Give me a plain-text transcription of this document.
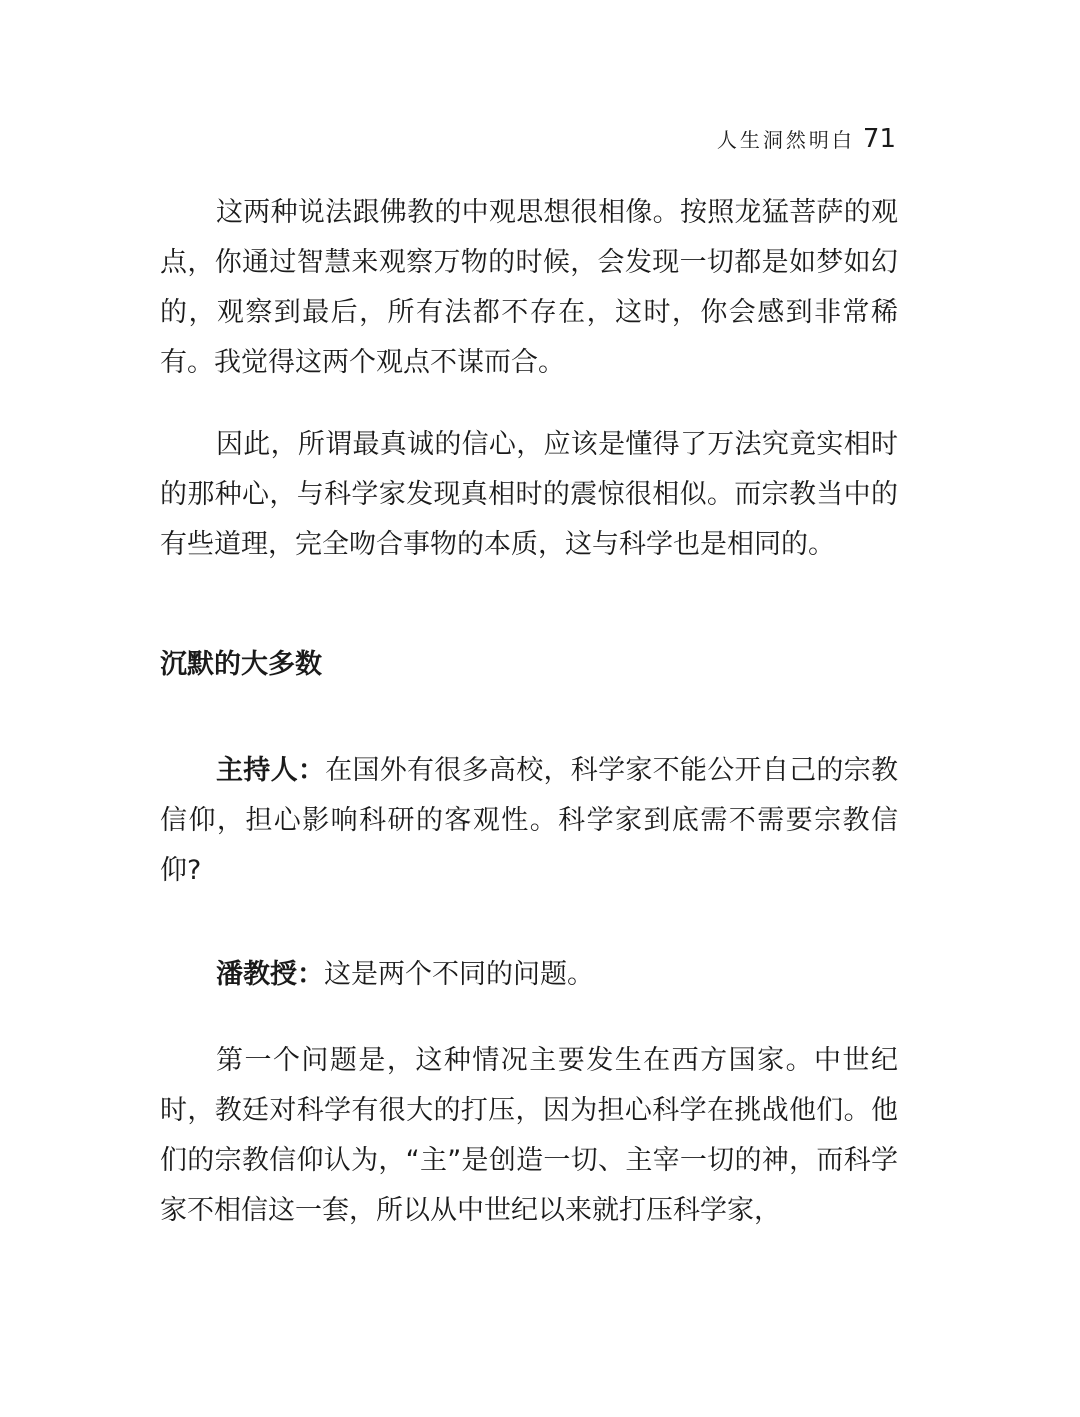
人生洞然明白 71

这两种说法跟佛教的中观思想很相像。按照龙猛菩萨的观点，你通过智慧来观察万物的时候，会发现一切都是如梦如幻的，观察到最后，所有法都不存在，这时，你会感到非常稀有。我觉得这两个观点不谋而合。

因此，所谓最真诚的信心，应该是懂得了万法究竟实相时的那种心，与科学家发现真相时的震惊很相似。而宗教当中的有些道理，完全吻合事物的本质，这与科学也是相同的。

沉默的大多数

主持人：在国外有很多高校，科学家不能公开自己的宗教信仰，担心影响科研的客观性。科学家到底需不需要宗教信仰?

潘教授：这是两个不同的问题。

第一个问题是，这种情况主要发生在西方国家。中世纪时，教廷对科学有很大的打压，因为担心科学在挑战他们。他们的宗教信仰认为，“主”是创造一切、主宰一切的神，而科学家不相信这一套，所以从中世纪以来就打压科学家，
